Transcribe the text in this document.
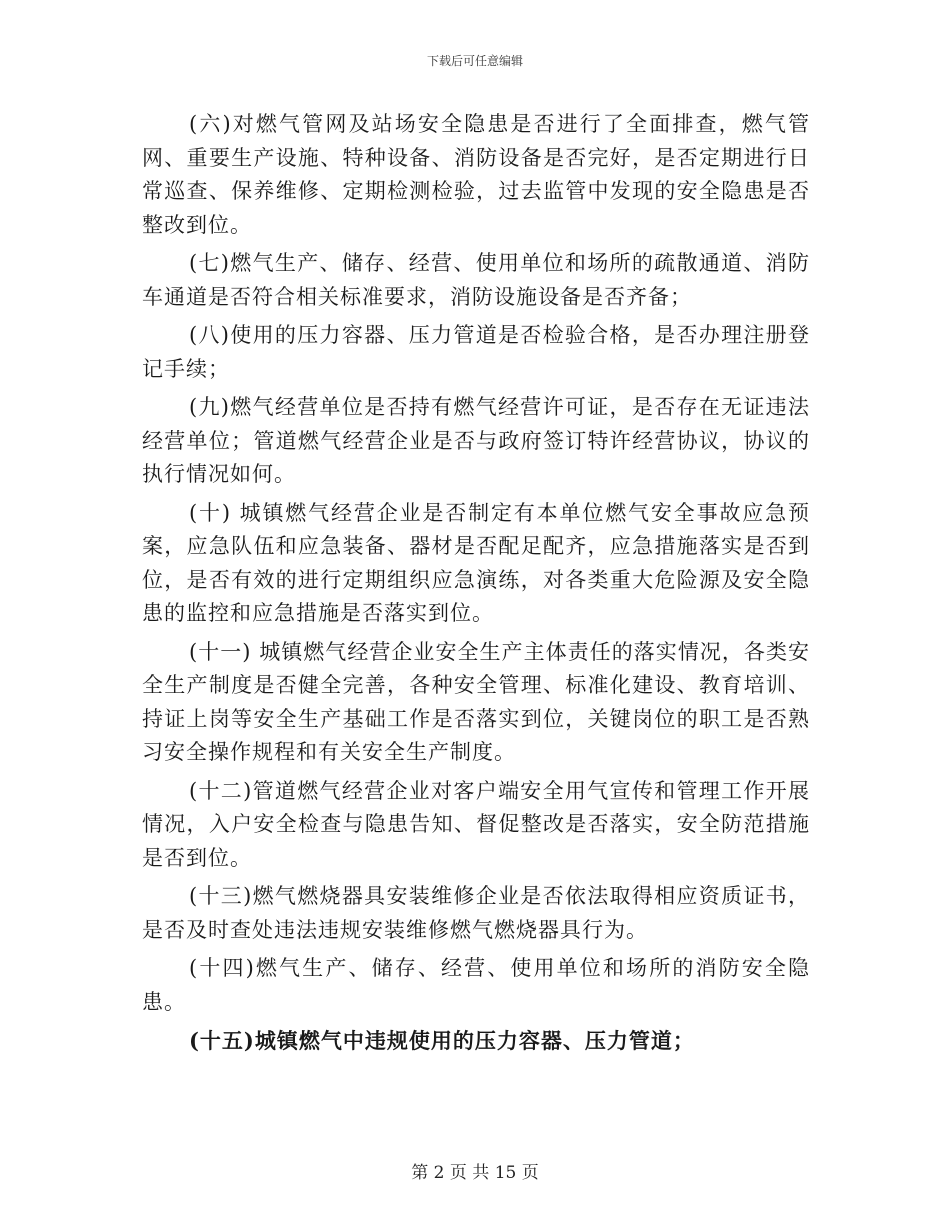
下载后可任意编辑

(六)对燃气管网及站场安全隐患是否进行了全面排查，燃气管网、重要生产设施、特种设备、消防设备是否完好，是否定期进行日常巡查、保养维修、定期检测检验，过去监管中发现的安全隐患是否整改到位。

(七)燃气生产、储存、经营、使用单位和场所的疏散通道、消防车通道是否符合相关标准要求，消防设施设备是否齐备；

(八)使用的压力容器、压力管道是否检验合格，是否办理注册登记手续；

(九)燃气经营单位是否持有燃气经营许可证，是否存在无证违法经营单位；管道燃气经营企业是否与政府签订特许经营协议，协议的执行情况如何。

(十) 城镇燃气经营企业是否制定有本单位燃气安全事故应急预案，应急队伍和应急装备、器材是否配足配齐，应急措施落实是否到位，是否有效的进行定期组织应急演练，对各类重大危险源及安全隐患的监控和应急措施是否落实到位。

(十一) 城镇燃气经营企业安全生产主体责任的落实情况，各类安全生产制度是否健全完善，各种安全管理、标准化建设、教育培训、持证上岗等安全生产基础工作是否落实到位，关键岗位的职工是否熟习安全操作规程和有关安全生产制度。

(十二)管道燃气经营企业对客户端安全用气宣传和管理工作开展情况，入户安全检查与隐患告知、督促整改是否落实，安全防范措施是否到位。

(十三)燃气燃烧器具安装维修企业是否依法取得相应资质证书，是否及时查处违法违规安装维修燃气燃烧器具行为。

(十四)燃气生产、储存、经营、使用单位和场所的消防安全隐患。

(十五)城镇燃气中违规使用的压力容器、压力管道；

第 2 页 共 15 页
